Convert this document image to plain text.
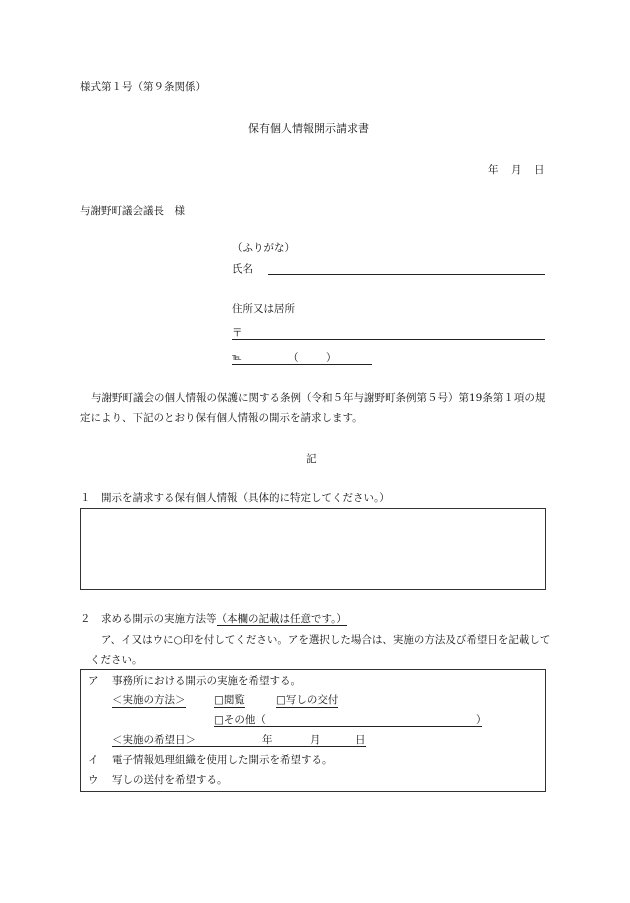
様式第１号（第９条関係）
保有個人情報開示請求書
年　月　日
与謝野町議会議長　様
（ふりがな）
氏名
住所又は居所
〒
℡	（	）
与謝野町議会の個人情報の保護に関する条例（令和５年与謝野町条例第５号）第19条第１項の規定により、下記のとおり保有個人情報の開示を請求します。
記
１　開示を請求する保有個人情報（具体的に特定してください。）
２　求める開示の実施方法等（本欄の記載は任意です。）
ア、イ又はウに○印を付してください。アを選択した場合は、実施の方法及び希望日を記載してください。
ア 事務所における開示の実施を希望する。
＜実施の方法＞	□閲覧	□写しの交付
□その他（	）
＜実施の希望日＞	年	月	日
イ 電子情報処理組織を使用した開示を希望する。
ウ 写しの送付を希望する。
